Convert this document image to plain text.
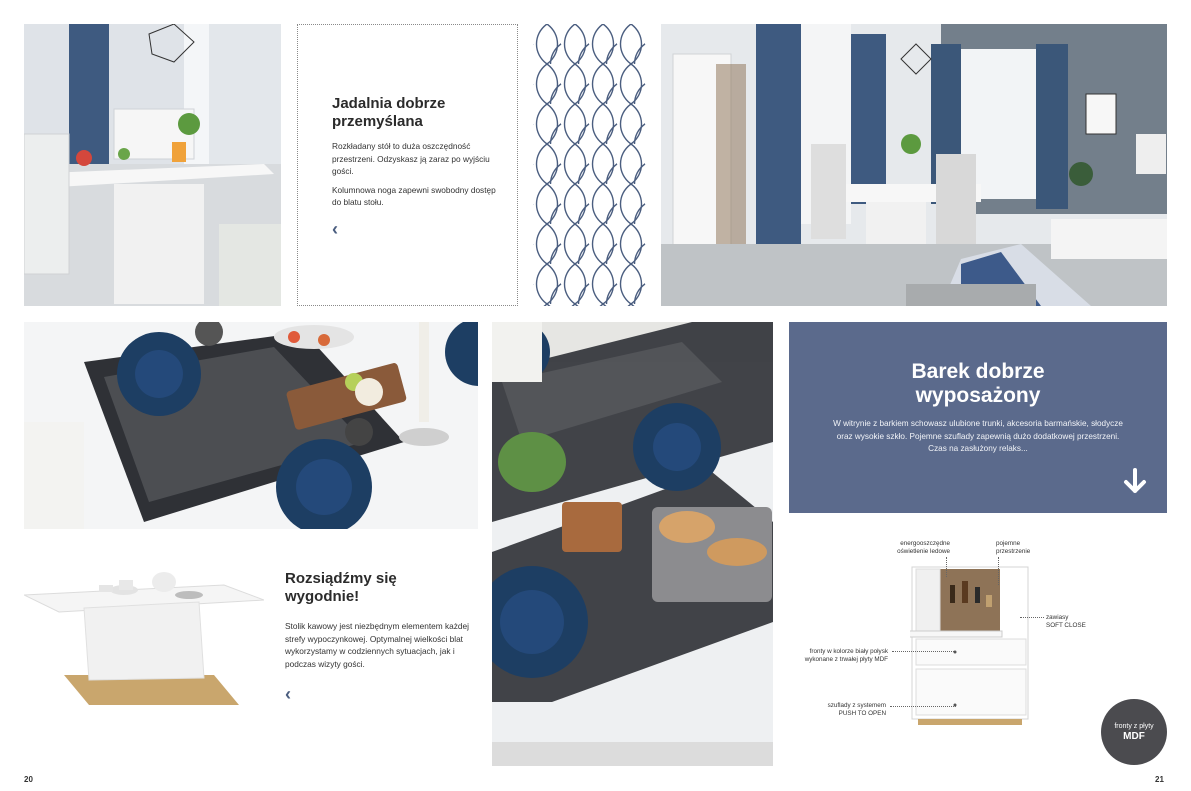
Jadalnia dobrze
przemyślana

Rozkładany stół to duża oszczędność przestrzeni. Odzyskasz ją zaraz po wyjściu gości.

Kolumnowa noga zapewni swobodny dostęp do blatu stołu.

‹
Barek dobrze
wyposażony

W witrynie z barkiem schowasz ulubione trunki, akcesoria barmańskie, słodycze oraz wysokie szkło. Pojemne szuflady zapewnią dużo dodatkowej przestrzeni.
Czas na zasłużony relaks...

Rozsiądźmy się
wygodnie!

Stolik kawowy jest niezbędnym elementem każdej strefy wypoczynkowej. Optymalnej wielkości blat wykorzystamy w codziennych sytuacjach, jak i podczas wizyty gości.

‹
energooszczędne oświetlenie ledowe
pojemne przestrzenie
zawiasy
SOFT CLOSE
fronty w kolorze biały połysk wykonane z trwałej płyty MDF
szuflady z systemem
PUSH TO OPEN
fronty z płyty
MDF
20	21
